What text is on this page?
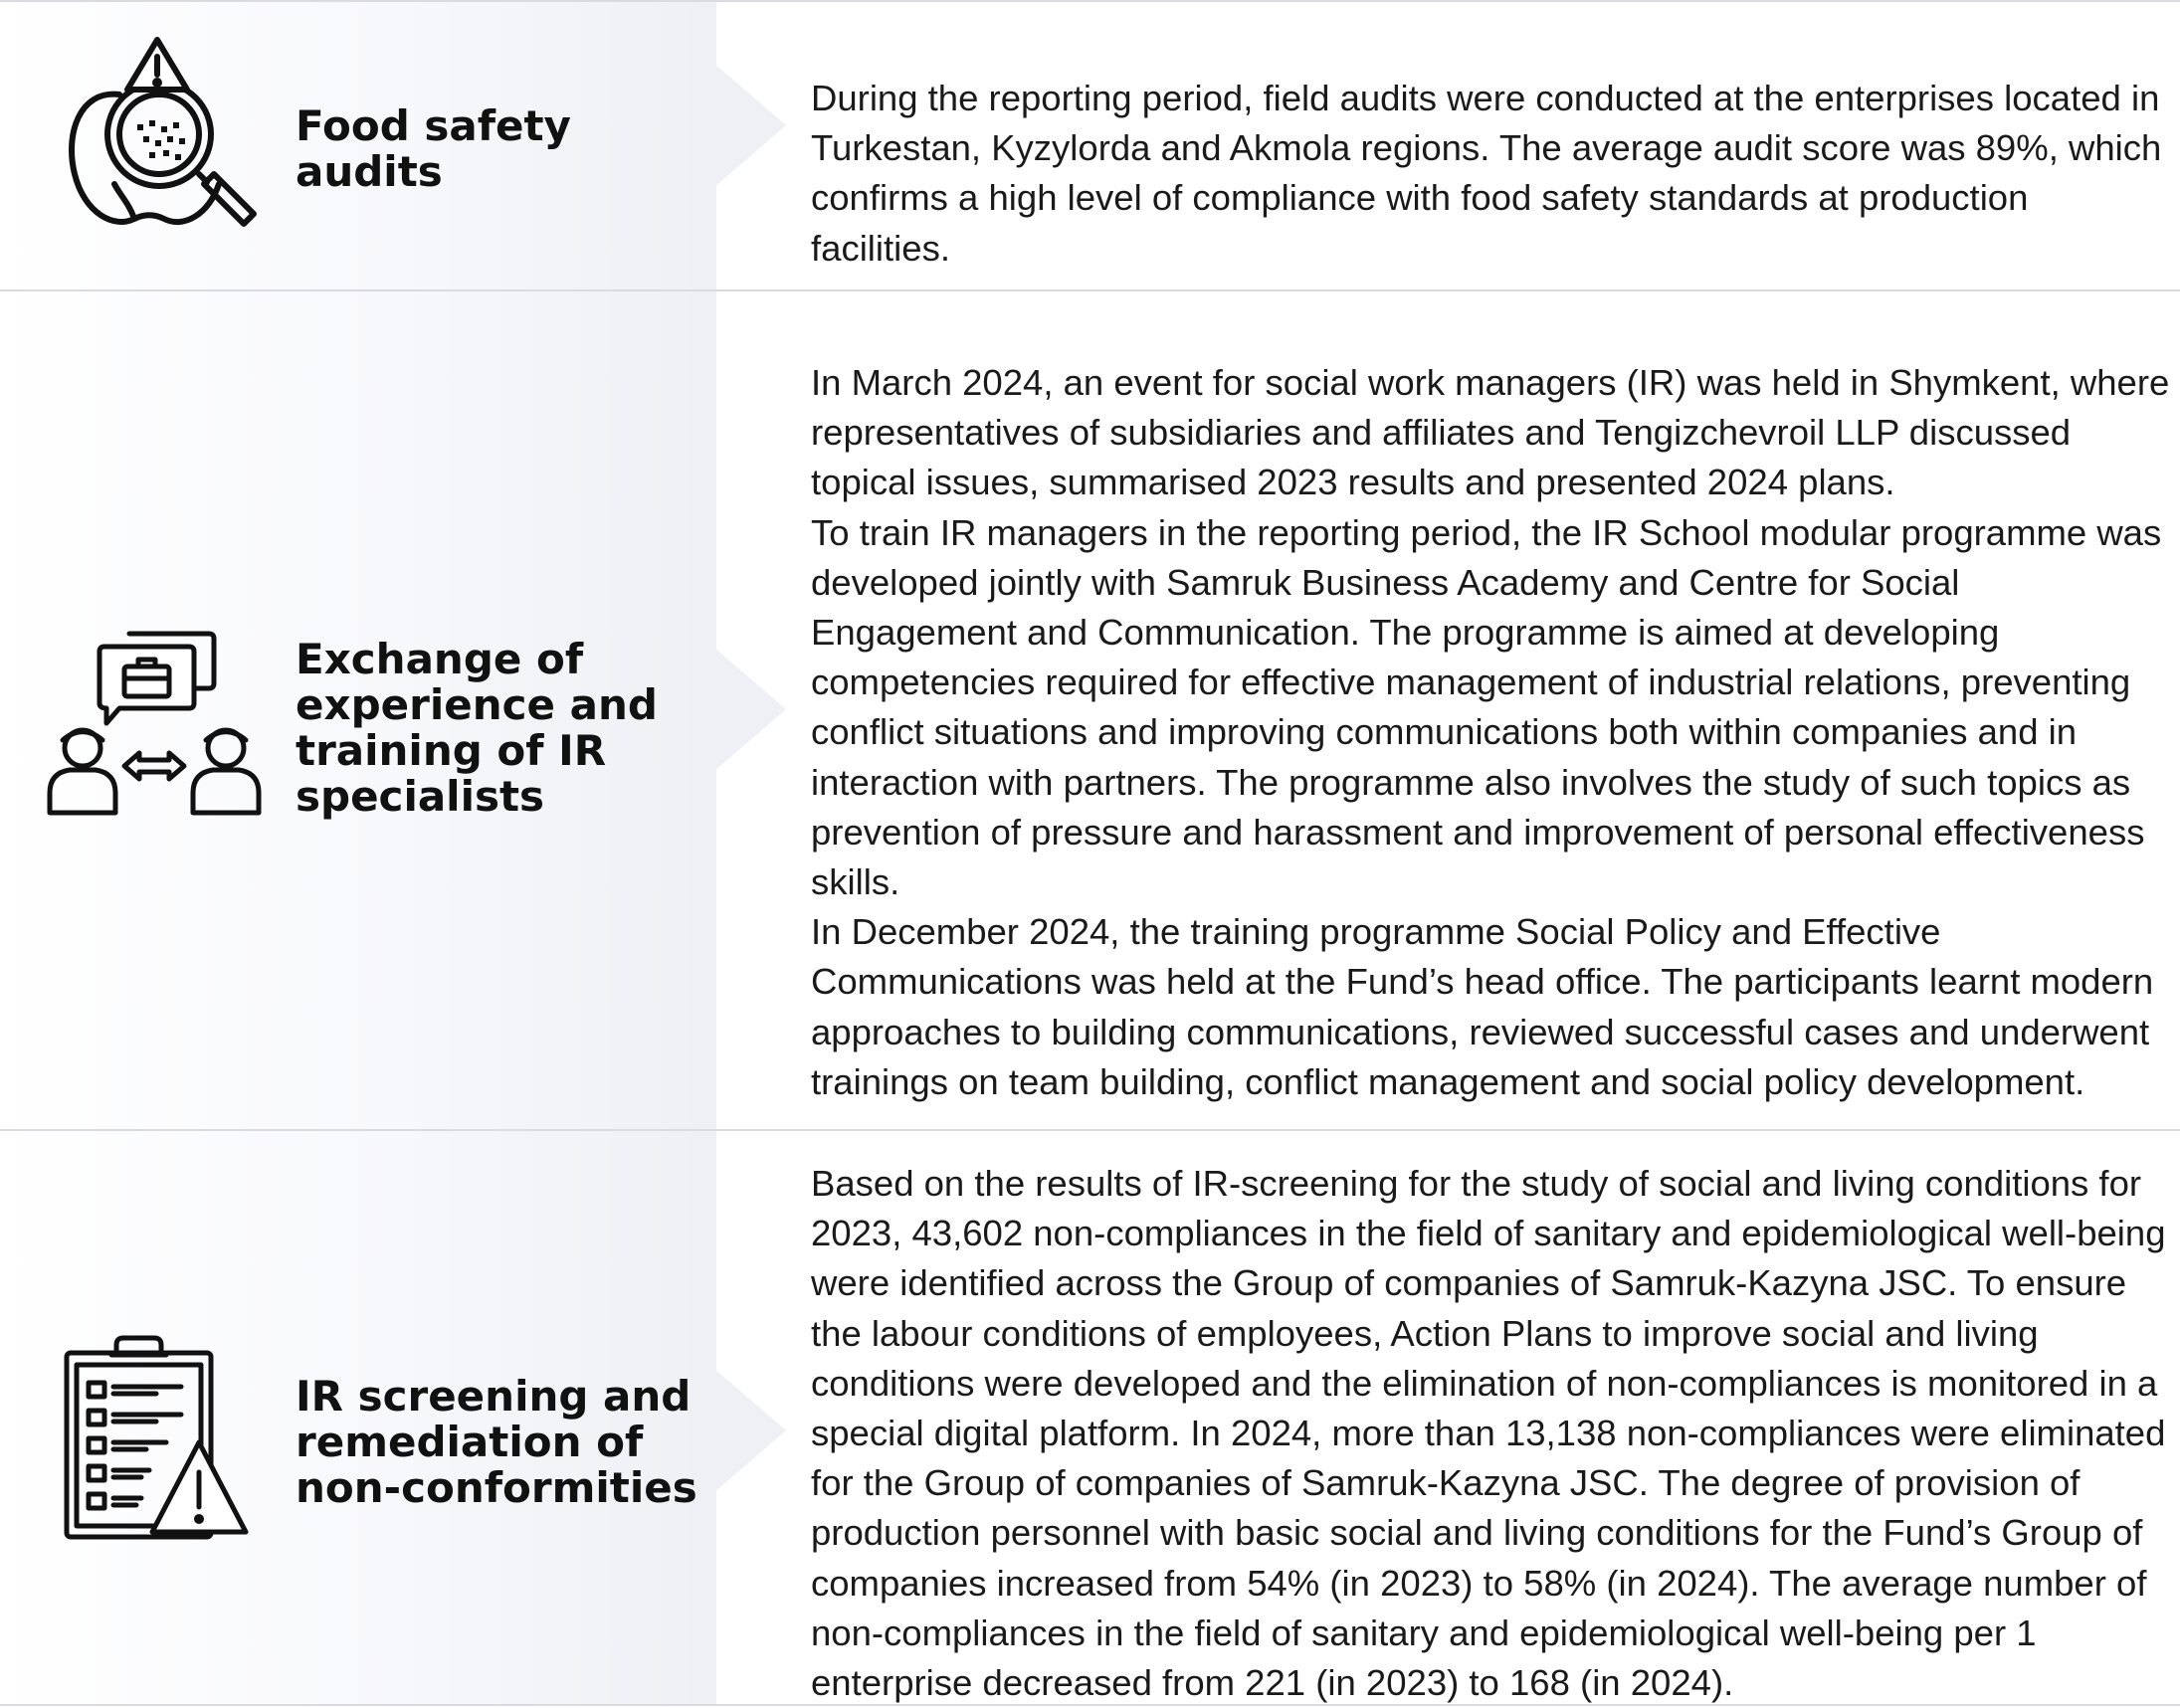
Food safety audits

During the reporting period, field audits were conducted at the enterprises located in Turkestan, Kyzylorda and Akmola regions. The average audit score was 89%, which confirms a high level of compliance with food safety standards at production facilities.

Exchange of experience and training of IR specialists

In March 2024, an event for social work managers (IR) was held in Shymkent, where representatives of subsidiaries and affiliates and Tengizchevroil LLP discussed topical issues, summarised 2023 results and presented 2024 plans.

To train IR managers in the reporting period, the IR School modular programme was developed jointly with Samruk Business Academy and Centre for Social Engagement and Communication. The programme is aimed at developing competencies required for effective management of industrial relations, preventing conflict situations and improving communications both within companies and in interaction with partners. The programme also involves the study of such topics as prevention of pressure and harassment and improvement of personal effectiveness skills.

In December 2024, the training programme Social Policy and Effective Communications was held at the Fund’s head office. The participants learnt modern approaches to building communications, reviewed successful cases and underwent trainings on team building, conflict management and social policy development.

IR screening and remediation of non-conformities

Based on the results of IR-screening for the study of social and living conditions for 2023, 43,602 non-compliances in the field of sanitary and epidemiological well-being were identified across the Group of companies of Samruk-Kazyna JSC. To ensure the labour conditions of employees, Action Plans to improve social and living conditions were developed and the elimination of non-compliances is monitored in a special digital platform. In 2024, more than 13,138 non-compliances were eliminated for the Group of companies of Samruk-Kazyna JSC. The degree of provision of production personnel with basic social and living conditions for the Fund’s Group of companies increased from 54% (in 2023) to 58% (in 2024). The average number of non-compliances in the field of sanitary and epidemiological well-being per 1 enterprise decreased from 221 (in 2023) to 168 (in 2024).
